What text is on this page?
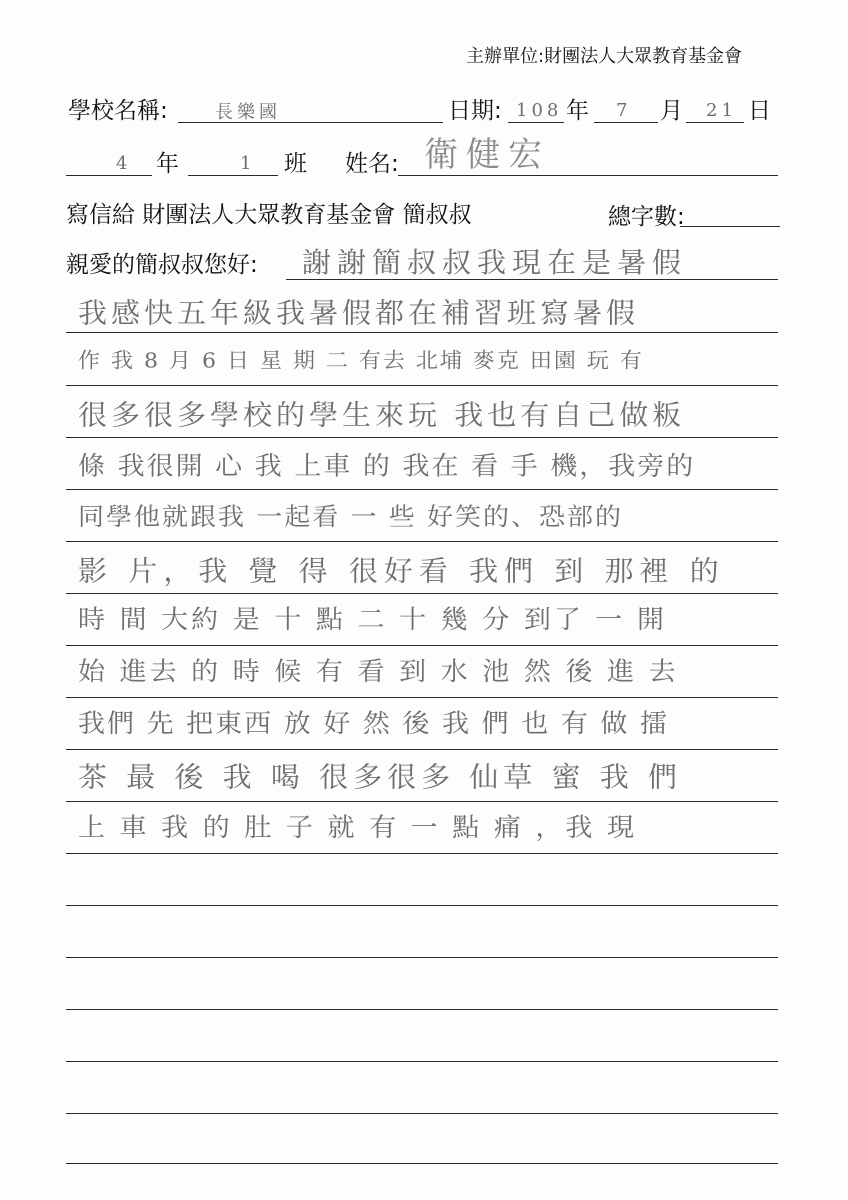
主辦單位:財團法人大眾教育基金會
學校名稱:	長樂國	日期: 108 年 7 月 21 日
4 年	1 班 姓名: 衛健宏
寫信給 財團法人大眾教育基金會 簡叔叔	總字數:
親愛的簡叔叔您好: 謝謝簡叔叔我現在是暑假
我感快五年級我暑假都在補習班寫暑假
作 我 8 月 6 日 星 期 二 有去 北埔 麥克 田園 玩 有
很多很多學校的學生來玩 我也有自己做粄
條 我很開 心 我 上車 的 我在 看 手 機，我旁的
同學他就跟我 一起看 一 些 好笑的、恐部的
影 片，我 覺 得 很好看 我們 到 那裡 的
時 間 大約 是 十 點 二 十 幾 分 到了 一 開
始 進去 的 時 候 有 看 到 水 池 然 後 進 去
我們 先 把東西 放 好 然 後 我 們 也 有 做 擂
茶 最 後 我 喝 很多很多 仙草 蜜 我 們
上 車 我 的 肚 子 就 有 一 點 痛 ，我 現
